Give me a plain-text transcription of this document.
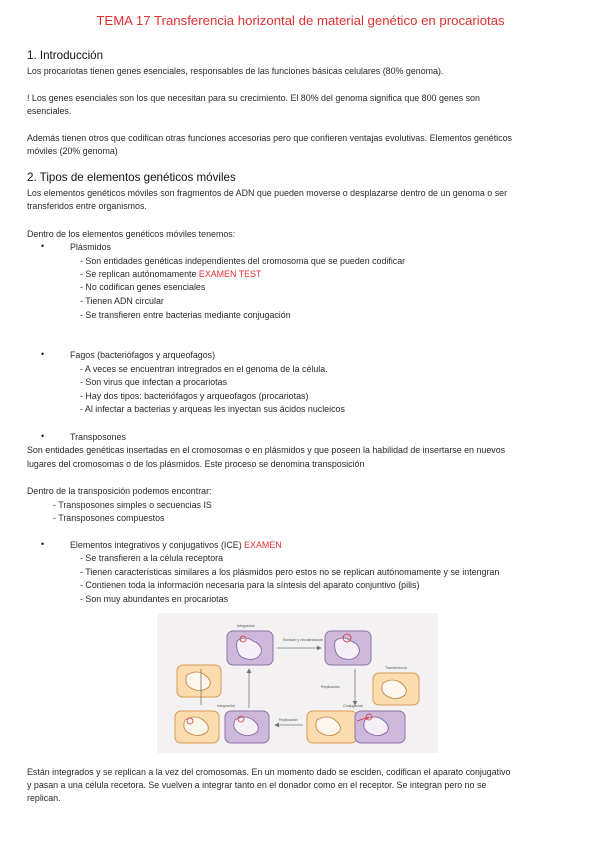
TEMA 17 Transferencia horizontal de material genético en procariotas
1. Introducción
Los procariotas tienen genes esenciales, responsables de las funciones básicas celulares (80% genoma).
! Los genes esenciales son los que necesitan para su crecimiento. El 80% del genoma significa que 800 genes son
esenciales.
Además tienen otros que codifican otras funciones accesorias pero que confieren ventajas evolutivas. Elementos genéticos
móviles (20% genoma)
2. Tipos de elementos genéticos móviles
Los elementos genéticos móviles son fragmentos de ADN que pueden moverse o desplazarse dentro de un genoma o ser
transferidos entre organismos.
Dentro de los elementos genéticos móviles tenemos:
•	Plásmidos
- Son entidades genéticas independientes del cromosoma que se pueden codificar
- Se replican autónomamente EXAMEN TEST
- No codifican genes esenciales
- Tienen ADN circular
- Se transfieren entre bacterias mediante conjugación
•	Fagos (bacteriófagos y arqueofagos)
- A veces se encuentran intregrados en el genoma de la célula.
- Son virus que infectan a procariotas
- Hay dos tipos: bacteriófagos y arqueofagos (procariotas)
- Al infectar a bacterias y arqueas les inyectan sus ácidos nucleicos
•	Transposones
Son entidades genéticas insertadas en el cromosomas o en plásmidos y que poseen la habilidad de insertarse en nuevos
lugares del cromosomas o de los plásmidos. Este proceso se denomina transposición
Dentro de la transposición podemos encontrar:
- Transposones simples o secuencias IS
- Transposones compuestos
•	Elementos integrativos y conjugativos (ICE) EXAMEN
- Se transfieren a la célula receptora
- Tienen características similares a los plásmidos pero estos no se replican autónomamente y se intengran
- Contienen toda la información necesaria para la síntesis del aparato conjuntivo (pilis)
- Son muy abundantes en procariotas
Integración
Escisión y circularización
Transferencia
Replicación
Conjugación
Replicación
Integración
Están integrados y se replican a la vez del cromosomas. En un momento dado se esciden, codifican el aparato conjugativo
y pasan a una célula recetora. Se vuelven a integrar tanto en el donador como en el receptor. Se integran pero no se
replican.
